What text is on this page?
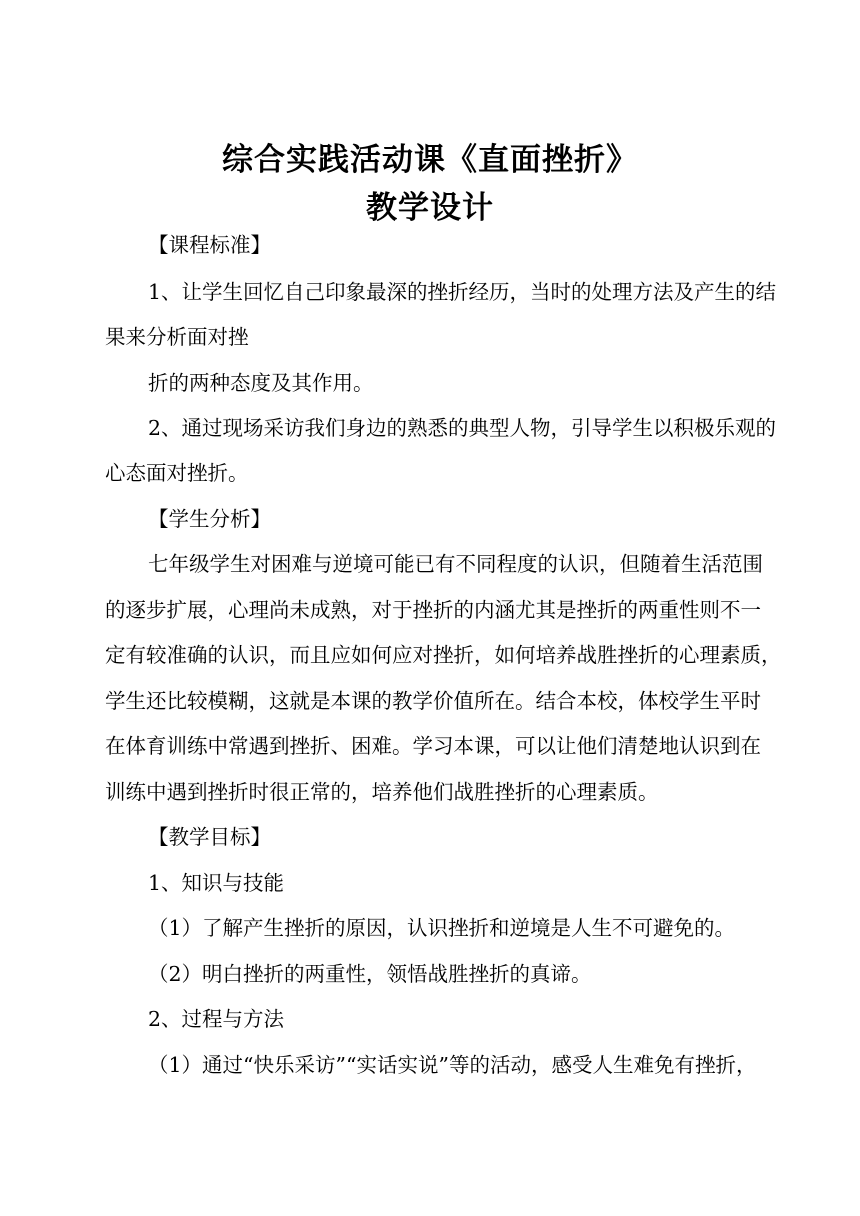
综合实践活动课《直面挫折》
教学设计
【课程标准】
1、让学生回忆自己印象最深的挫折经历，当时的处理方法及产生的结
果来分析面对挫
折的两种态度及其作用。
2、通过现场采访我们身边的熟悉的典型人物，引导学生以积极乐观的
心态面对挫折。
【学生分析】
七年级学生对困难与逆境可能已有不同程度的认识，但随着生活范围
的逐步扩展，心理尚未成熟，对于挫折的内涵尤其是挫折的两重性则不一
定有较准确的认识，而且应如何应对挫折，如何培养战胜挫折的心理素质，
学生还比较模糊，这就是本课的教学价值所在。结合本校，体校学生平时
在体育训练中常遇到挫折、困难。学习本课，可以让他们清楚地认识到在
训练中遇到挫折时很正常的，培养他们战胜挫折的心理素质。
【教学目标】
1、知识与技能
（1）了解产生挫折的原因，认识挫折和逆境是人生不可避免的。
（2）明白挫折的两重性，领悟战胜挫折的真谛。
2、过程与方法
（1）通过“快乐采访”“实话实说”等的活动，感受人生难免有挫折，
